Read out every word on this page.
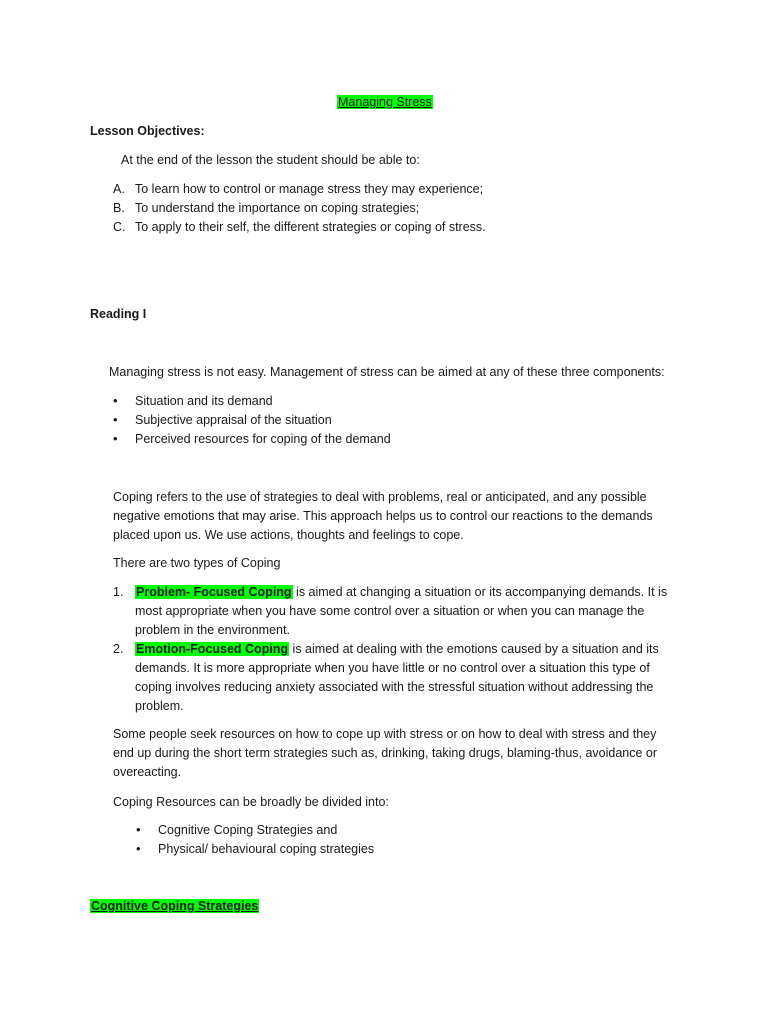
Managing Stress
Lesson Objectives:
At the end of the lesson the student should be able to:
A. To learn how to control or manage stress they may experience;
B. To understand the importance on coping strategies;
C. To apply to their self, the different strategies or coping of stress.
Reading I
Managing stress is not easy. Management of stress can be aimed at any of these three components:
• Situation and its demand
• Subjective appraisal of the situation
• Perceived resources for coping of the demand
Coping refers to the use of strategies to deal with problems, real or anticipated, and any possible
negative emotions that may arise. This approach helps us to control our reactions to the demands
placed upon us. We use actions, thoughts and feelings to cope.
There are two types of Coping
1. Problem- Focused Coping is aimed at changing a situation or its accompanying demands. It is
most appropriate when you have some control over a situation or when you can manage the
problem in the environment.
2. Emotion-Focused Coping is aimed at dealing with the emotions caused by a situation and its
demands. It is more appropriate when you have little or no control over a situation this type of
coping involves reducing anxiety associated with the stressful situation without addressing the
problem.
Some people seek resources on how to cope up with stress or on how to deal with stress and they
end up during the short term strategies such as, drinking, taking drugs, blaming-thus, avoidance or
overeacting.
Coping Resources can be broadly be divided into:
• Cognitive Coping Strategies and
• Physical/ behavioural coping strategies
Cognitive Coping Strategies
